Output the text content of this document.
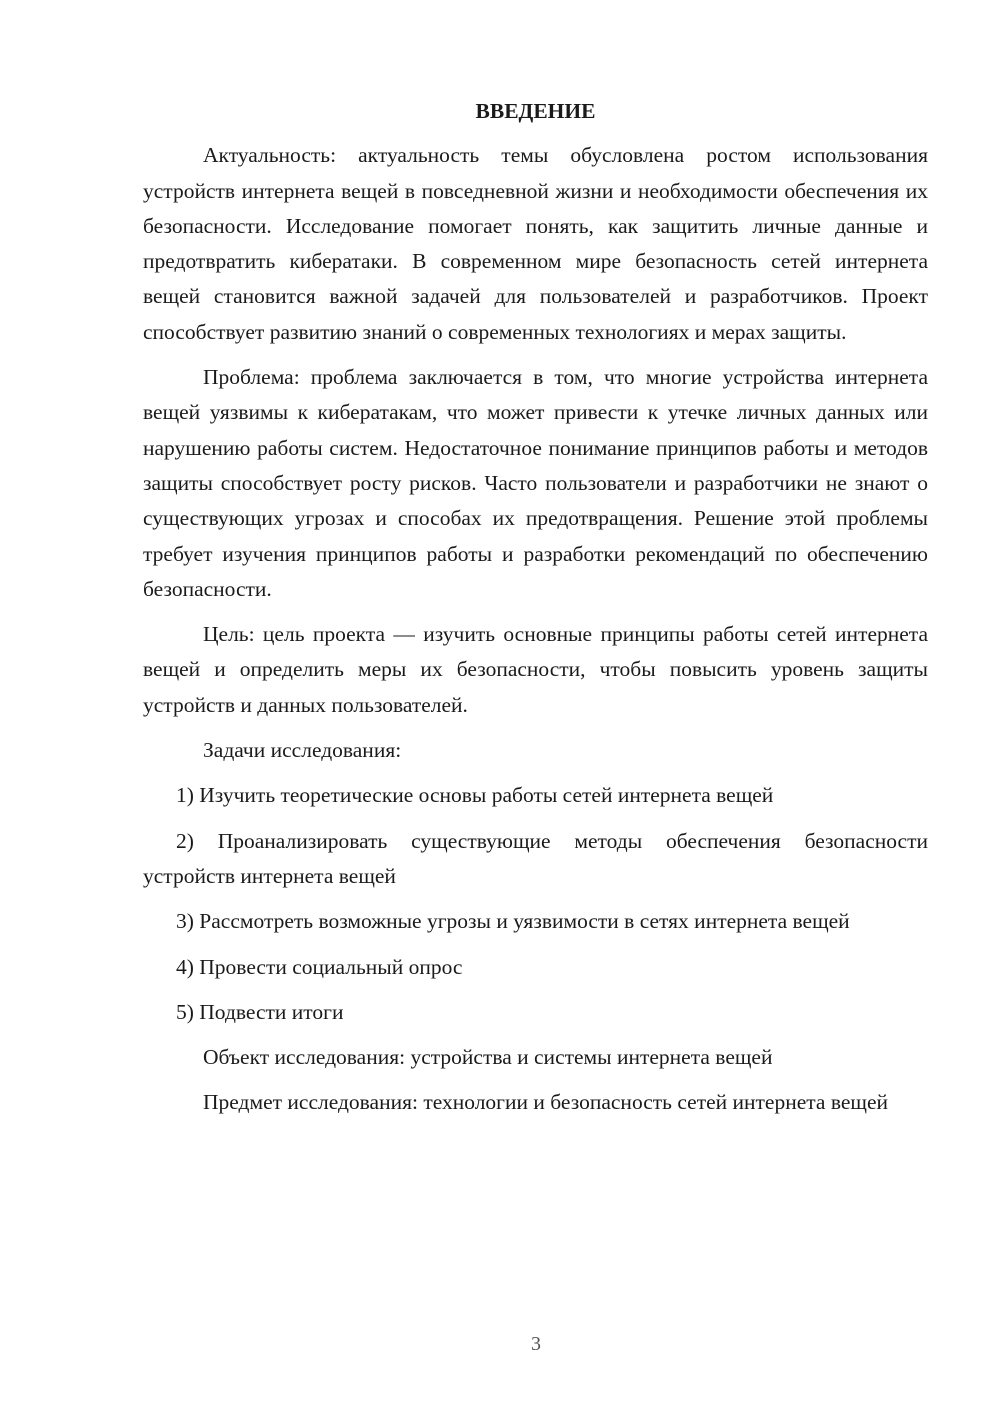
ВВЕДЕНИЕ

Актуальность: актуальность темы обусловлена ростом использования устройств интернета вещей в повседневной жизни и необходимости обеспечения их безопасности. Исследование помогает понять, как защитить личные данные и предотвратить кибератаки. В современном мире безопасность сетей интернета вещей становится важной задачей для пользователей и разработчиков. Проект способствует развитию знаний о современных технологиях и мерах защиты.

Проблема: проблема заключается в том, что многие устройства интернета вещей уязвимы к кибератакам, что может привести к утечке личных данных или нарушению работы систем. Недостаточное понимание принципов работы и методов защиты способствует росту рисков. Часто пользователи и разработчики не знают о существующих угрозах и способах их предотвращения. Решение этой проблемы требует изучения принципов работы и разработки рекомендаций по обеспечению безопасности.

Цель: цель проекта — изучить основные принципы работы сетей интернета вещей и определить меры их безопасности, чтобы повысить уровень защиты устройств и данных пользователей.

Задачи исследования:

1) Изучить теоретические основы работы сетей интернета вещей

2) Проанализировать существующие методы обеспечения безопасности устройств интернета вещей

3) Рассмотреть возможные угрозы и уязвимости в сетях интернета вещей

4) Провести социальный опрос

5) Подвести итоги

Объект исследования: устройства и системы интернета вещей

Предмет исследования: технологии и безопасность сетей интернета вещей

3
